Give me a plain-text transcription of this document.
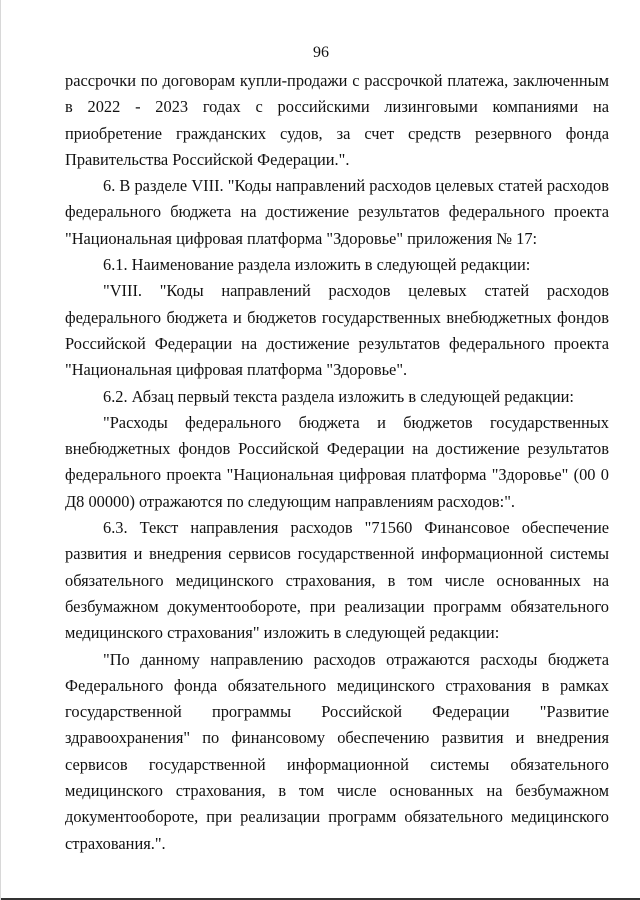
96

рассрочки по договорам купли-продажи с рассрочкой платежа, заключенным в 2022 - 2023 годах с российскими лизинговыми компаниями на приобретение гражданских судов, за счет средств резервного фонда Правительства Российской Федерации.".

6. В разделе VIII. "Коды направлений расходов целевых статей расходов федерального бюджета на достижение результатов федерального проекта "Национальная цифровая платформа "Здоровье" приложения № 17:

6.1. Наименование раздела изложить в следующей редакции:

"VIII. "Коды направлений расходов целевых статей расходов федерального бюджета и бюджетов государственных внебюджетных фондов Российской Федерации на достижение результатов федерального проекта "Национальная цифровая платформа "Здоровье".

6.2. Абзац первый текста раздела изложить в следующей редакции:

"Расходы федерального бюджета и бюджетов государственных внебюджетных фондов Российской Федерации на достижение результатов федерального проекта "Национальная цифровая платформа "Здоровье" (00 0 Д8 00000) отражаются по следующим направлениям расходов:".

6.3. Текст направления расходов "71560 Финансовое обеспечение развития и внедрения сервисов государственной информационной системы обязательного медицинского страхования, в том числе основанных на безбумажном документообороте, при реализации программ обязательного медицинского страхования" изложить в следующей редакции:

"По данному направлению расходов отражаются расходы бюджета Федерального фонда обязательного медицинского страхования в рамках государственной программы Российской Федерации "Развитие здравоохранения" по финансовому обеспечению развития и внедрения сервисов государственной информационной системы обязательного медицинского страхования, в том числе основанных на безбумажном документообороте, при реализации программ обязательного медицинского страхования.".
